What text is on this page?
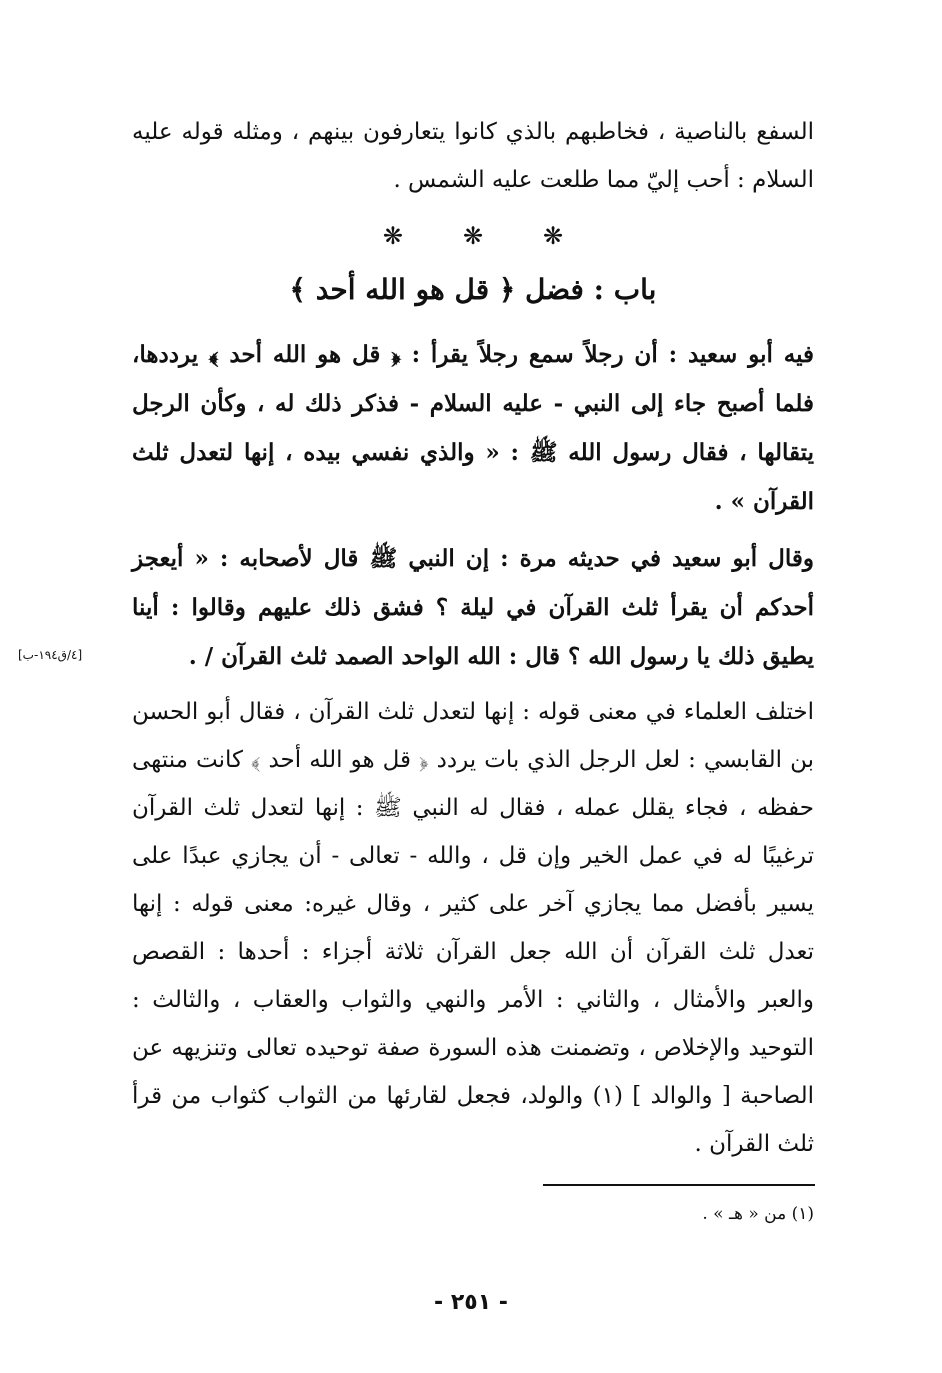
السفع بالناصية ، فخاطبهم بالذي كانوا يتعارفون بينهم ، ومثله قوله عليه السلام : أحب إليّ مما طلعت عليه الشمس .

❋	❋	❋
باب : فضل ﴿ قل هو الله أحد ﴾

فيه أبو سعيد : أن رجلاً سمع رجلاً يقرأ : ﴿ قل هو الله أحد ﴾ يرددها، فلما أصبح جاء إلى النبي - عليه السلام - فذكر ذلك له ، وكأن الرجل يتقالها ، فقال رسول الله ﷺ : « والذي نفسي بيده ، إنها لتعدل ثلث القرآن » .

وقال أبو سعيد في حديثه مرة : إن النبي ﷺ قال لأصحابه : « أيعجز أحدكم أن يقرأ ثلث القرآن في ليلة ؟ فشق ذلك عليهم وقالوا : أينا يطيق ذلك يا رسول الله ؟ قال : الله الواحد الصمد ثلث القرآن / .

[٤/ق١٩٤-ب]

اختلف العلماء في معنى قوله : إنها لتعدل ثلث القرآن ، فقال أبو الحسن بن القابسي : لعل الرجل الذي بات يردد ﴿ قل هو الله أحد ﴾ كانت منتهى حفظه ، فجاء يقلل عمله ، فقال له النبي ﷺ : إنها لتعدل ثلث القرآن ترغيبًا له في عمل الخير وإن قل ، والله - تعالى - أن يجازي عبدًا على يسير بأفضل مما يجازي آخر على كثير ، وقال غيره: معنى قوله : إنها تعدل ثلث القرآن أن الله جعل القرآن ثلاثة أجزاء : أحدها : القصص والعبر والأمثال ، والثاني : الأمر والنهي والثواب والعقاب ، والثالث : التوحيد والإخلاص ، وتضمنت هذه السورة صفة توحيده تعالى وتنزيهه عن الصاحبة [ والوالد ] (١) والولد، فجعل لقارئها من الثواب كثواب من قرأ ثلث القرآن .

(١) من « هـ » .
- ٢٥١ -
